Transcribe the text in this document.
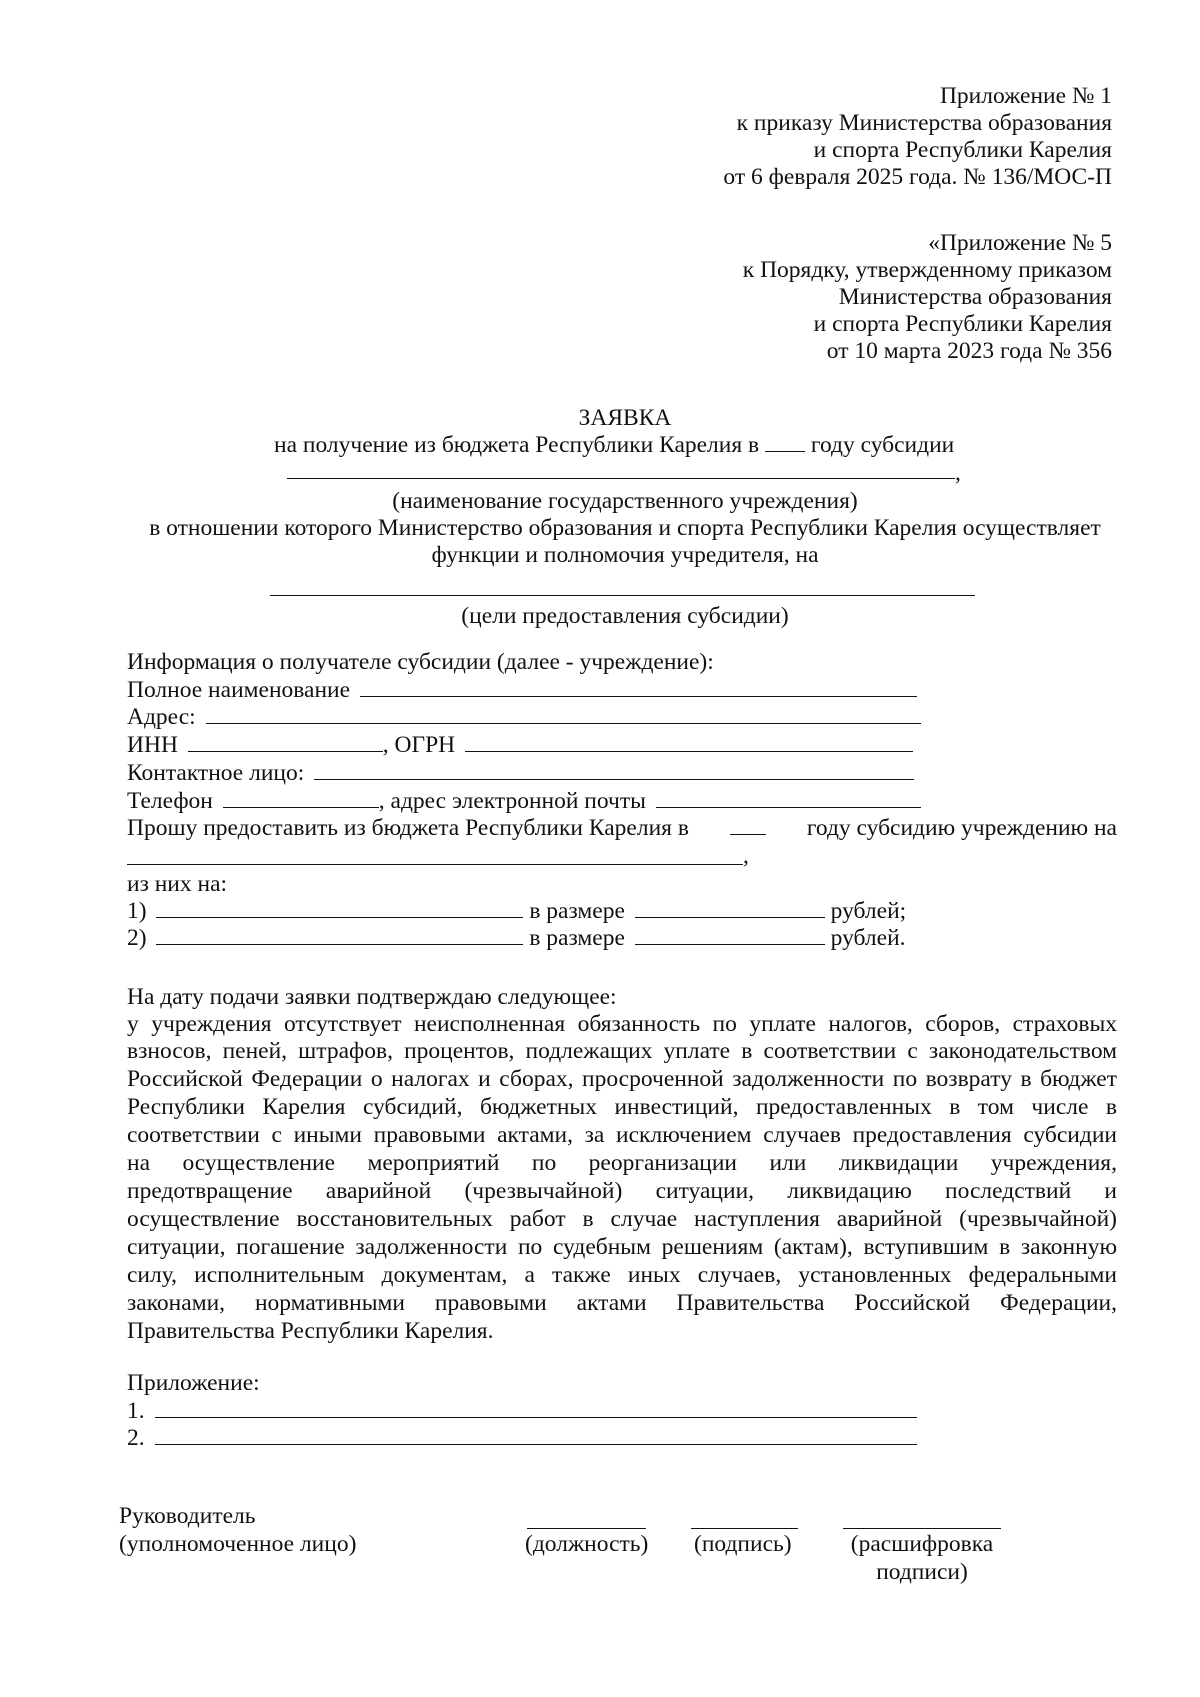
Приложение № 1
к приказу Министерства образования
и спорта Республики Карелия
от 6 февраля 2025 года. № 136/МОС-П
«Приложение № 5
к Порядку, утвержденному приказом
Министерства образования
и спорта Республики Карелия
от 10 марта 2023 года № 356
ЗАЯВКА
на получение из бюджета Республики Карелия в году субсидии
,
(наименование государственного учреждения)
в отношении которого Министерство образования и спорта Республики Карелия осуществляет
функции и полномочия учредителя, на
(цели предоставления субсидии)
Информация о получателе субсидии (далее - учреждение):
Полное наименование
Адрес:
ИНН	, ОГРН
Контактное лицо:
Телефон	, адрес электронной почты
Прошу предоставить из бюджета Республики Карелия в	году субсидию учреждению на
,
из них на:
1)	в размере	рублей;
2)	в размере	рублей.
На дату подачи заявки подтверждаю следующее:
у учреждения отсутствует неисполненная обязанность по уплате налогов, сборов, страховых
взносов, пеней, штрафов, процентов, подлежащих уплате в соответствии с законодательством
Российской Федерации о налогах и сборах, просроченной задолженности по возврату в бюджет
Республики Карелия субсидий, бюджетных инвестиций, предоставленных в том числе в
соответствии с иными правовыми актами, за исключением случаев предоставления субсидии
на осуществление мероприятий по реорганизации или ликвидации учреждения,
предотвращение аварийной (чрезвычайной) ситуации, ликвидацию последствий и
осуществление восстановительных работ в случае наступления аварийной (чрезвычайной)
ситуации, погашение задолженности по судебным решениям (актам), вступившим в законную
силу, исполнительным документам, а также иных случаев, установленных федеральными
законами, нормативными правовыми актами Правительства Российской Федерации,
Правительства Республики Карелия.
Приложение:
1.
2.
Руководитель
(уполномоченное лицо)	(должность) (подпись)	(расшифровка
подписи)
